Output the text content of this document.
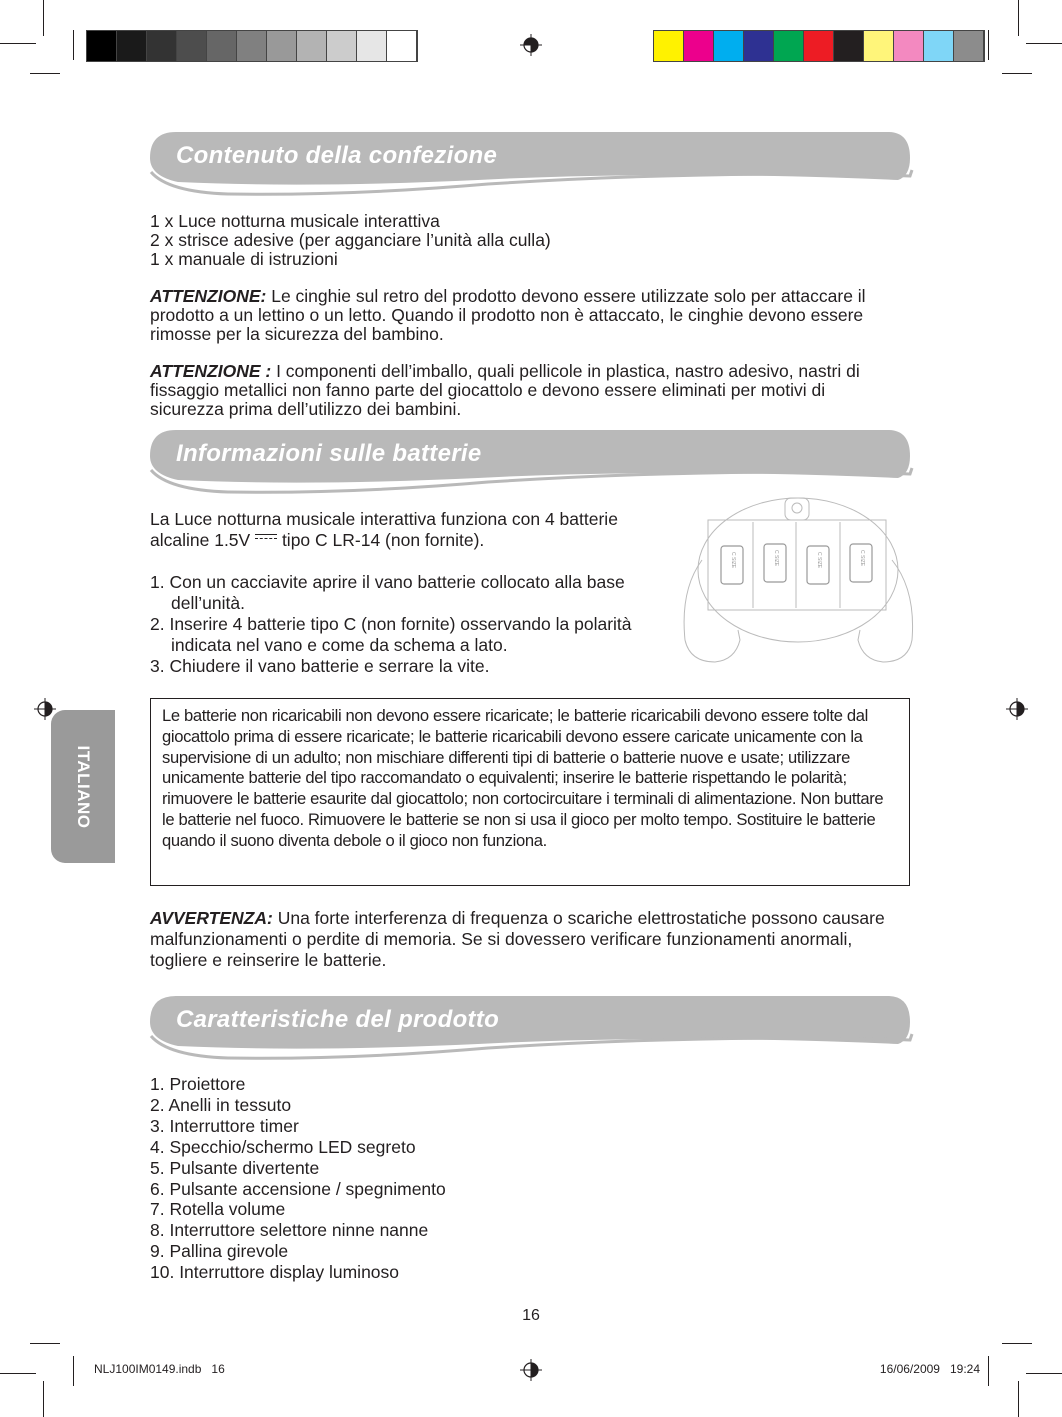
Contenuto della confezione

1 x Luce notturna musicale interattiva

2 x strisce adesive (per agganciare l’unità alla culla)

1 x manuale di istruzioni

ATTENZIONE: Le cinghie sul retro del prodotto devono essere utilizzate solo per attaccare il prodotto a un lettino o un letto. Quando il prodotto non è attaccato, le cinghie devono essere rimosse per la sicurezza del bambino.

ATTENZIONE : I componenti dell’imballo, quali pellicole in plastica, nastro adesivo, nastri di fissaggio metallici non fanno parte del giocattolo e devono essere eliminati per motivi di sicurezza prima dell’utilizzo dei bambini.

Informazioni sulle batterie

La Luce notturna musicale interattiva funziona con 4 batterie alcaline 1.5V
tipo C LR-14 (non fornite).

1. Con un cacciavite aprire il vano batterie collocato alla base dell’unità.

2. Inserire 4 batterie tipo C (non fornite) osservando la polarità indicata nel vano e come da schema a lato.

3. Chiudere il vano batterie e serrare la vite.

C SIZE	C SIZE	C SIZE	C SIZE
Le batterie non ricaricabili non devono essere ricaricate; le batterie ricaricabili devono essere tolte dal giocattolo prima di essere ricaricate; le batterie ricaricabili devono essere caricate unicamente con la supervisione di un adulto; non mischiare differenti tipi di batterie o batterie nuove e usate; utilizzare unicamente batterie del tipo raccomandato o equivalenti; inserire le batterie rispettando le polarità; rimuovere le batterie esaurite dal giocattolo; non cortocircuitare i terminali di alimentazione. Non buttare le batterie nel fuoco. Rimuovere le batterie se non si usa il gioco per molto tempo. Sostituire le batterie quando il suono diventa debole o il gioco non funziona.

AVVERTENZA: Una forte interferenza di frequenza o scariche elettrostatiche possono causare malfunzionamenti o perdite di memoria. Se si dovessero verificare funzionamenti anormali, togliere e reinserire le batterie.

Caratteristiche del prodotto

1. Proiettore

2. Anelli in tessuto

3. Interruttore timer

4. Specchio/schermo LED segreto

5. Pulsante divertente

6. Pulsante accensione / spegnimento

7. Rotella volume

8. Interruttore selettore ninne nanne

9. Pallina girevole

10. Interruttore display luminoso

ITALIANO
16
NLJ100IM0149.indb   16	16/06/2009   19:24
